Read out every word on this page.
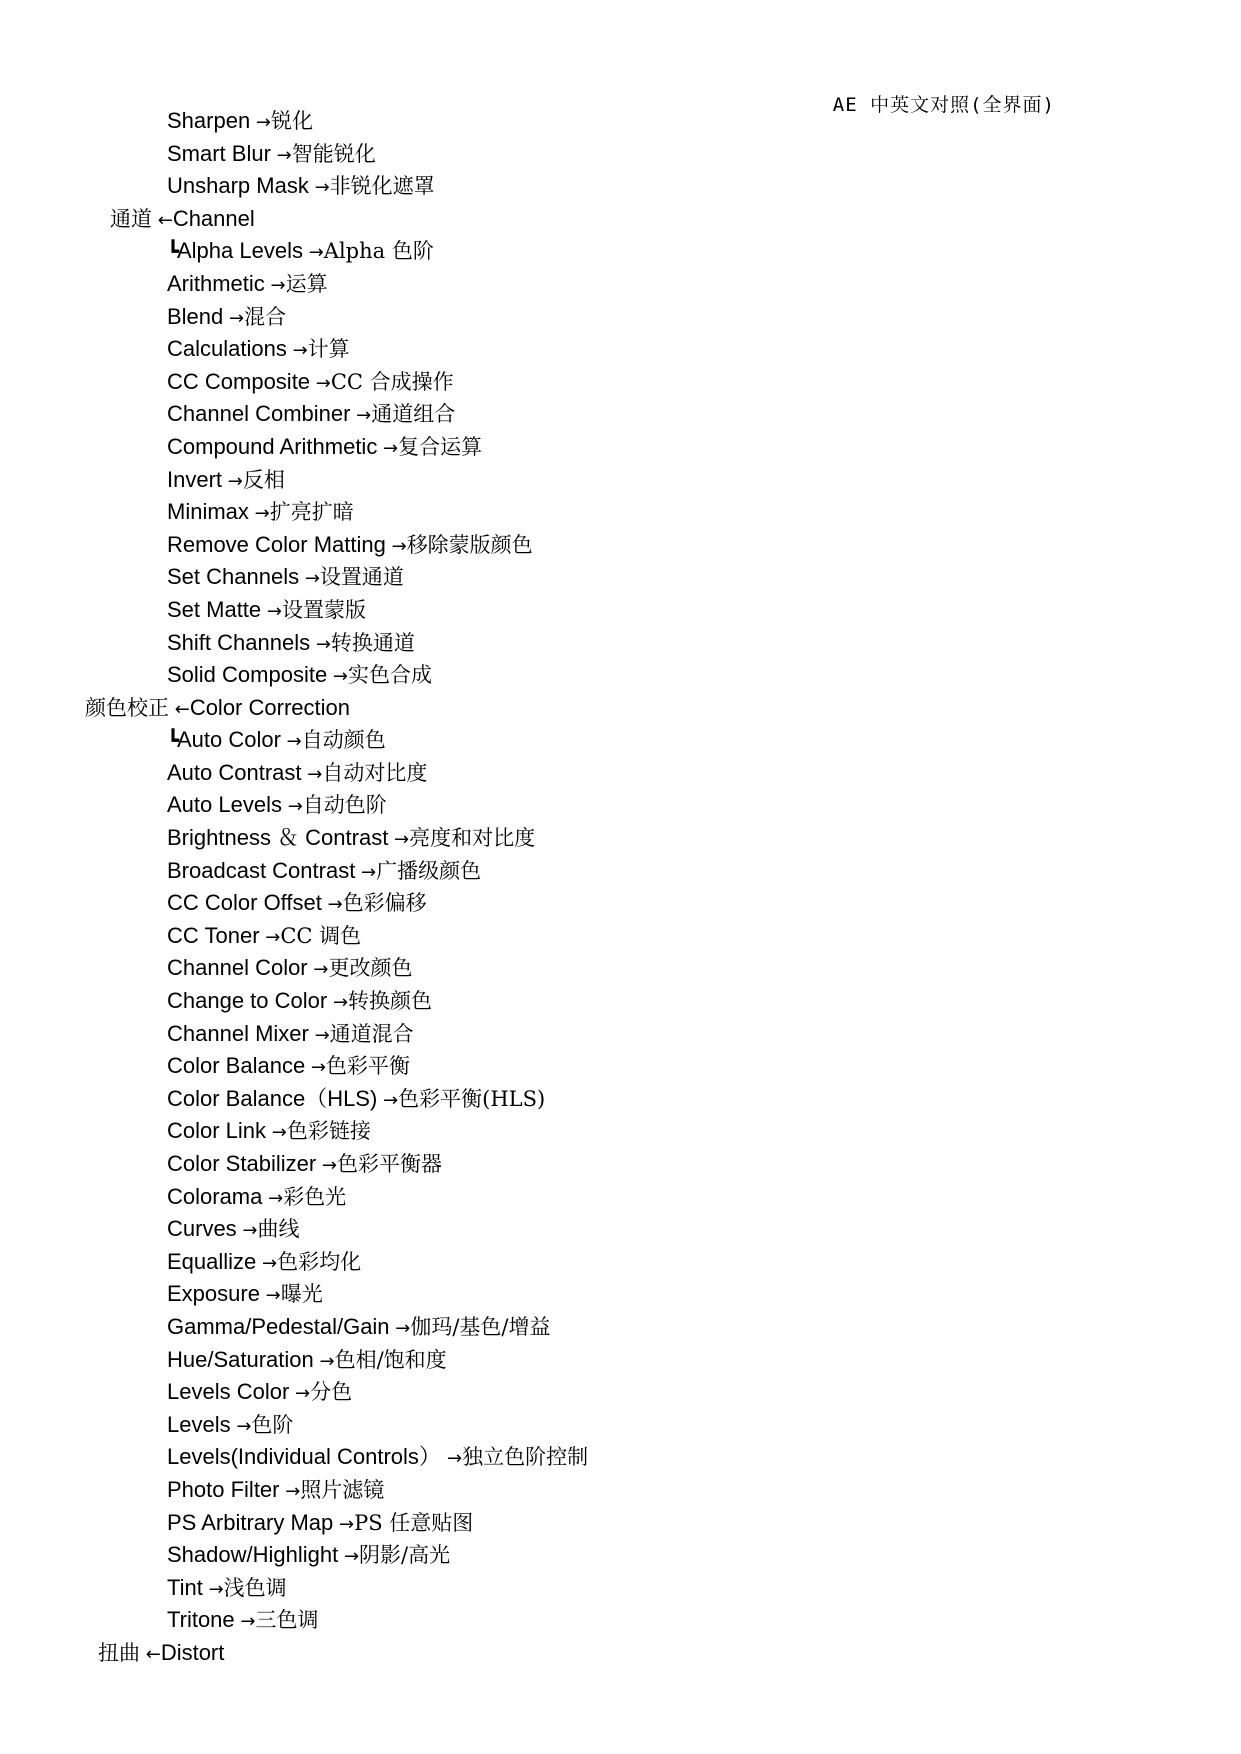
AE 中英文对照(全界面)
Sharpen →锐化
Smart Blur →智能锐化
Unsharp Mask →非锐化遮罩
通道 ←Channel
┗Alpha Levels →Alpha 色阶
Arithmetic →运算
Blend →混合
Calculations →计算
CC Composite →CC 合成操作
Channel Combiner →通道组合
Compound Arithmetic →复合运算
Invert →反相
Minimax →扩亮扩暗
Remove Color Matting →移除蒙版颜色
Set Channels →设置通道
Set Matte →设置蒙版
Shift Channels →转换通道
Solid Composite →实色合成
颜色校正 ←Color Correction
┗Auto Color →自动颜色
Auto Contrast →自动对比度
Auto Levels →自动色阶
Brightness ＆ Contrast →亮度和对比度
Broadcast Contrast →广播级颜色
CC Color Offset →色彩偏移
CC Toner →CC 调色
Channel Color →更改颜色
Change to Color →转换颜色
Channel Mixer →通道混合
Color Balance →色彩平衡
Color Balance（HLS) →色彩平衡(HLS)
Color Link →色彩链接
Color Stabilizer →色彩平衡器
Colorama →彩色光
Curves →曲线
Equallize →色彩均化
Exposure →曝光
Gamma/Pedestal/Gain →伽玛/基色/增益
Hue/Saturation →色相/饱和度
Levels Color →分色
Levels →色阶
Levels(Individual Controls） →独立色阶控制
Photo Filter →照片滤镜
PS Arbitrary Map →PS 任意贴图
Shadow/Highlight →阴影/高光
Tint →浅色调
Tritone →三色调
扭曲 ←Distort
